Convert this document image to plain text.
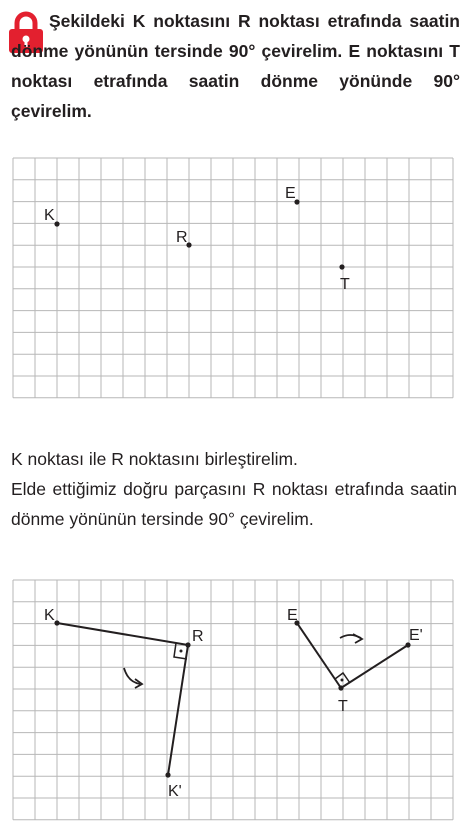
Şekildeki K noktasını R noktası etrafında saatin dönme yönünün tersinde 90° çevirelim. E noktasını T noktası etrafında saatin dönme yönünde 90° çevirelim.

K
R
E
T
K
R
K'
E
T
E'

K noktası ile R noktasını birleştirelim.

Elde ettiğimiz doğru parçasını R noktası etrafında saatin dönme yönünün tersinde 90° çevirelim.
